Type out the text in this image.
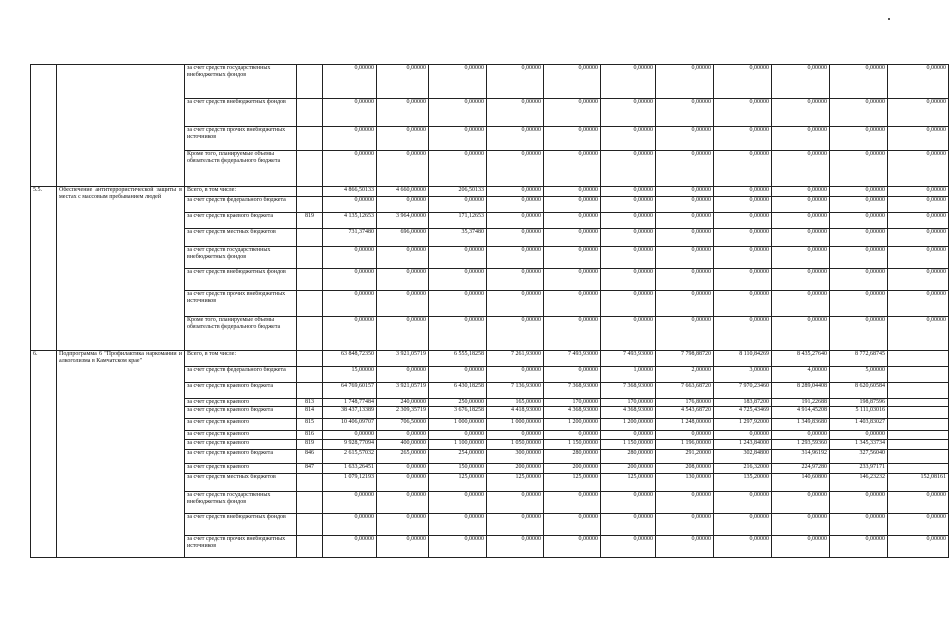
		за счет средств государственных внебюджетных фондов		0,00000	0,00000	0,00000	0,00000	0,00000	0,00000	0,00000	0,00000	0,00000	0,00000	0,00000
		за счет средств внебюджетных фондов		0,00000	0,00000	0,00000	0,00000	0,00000	0,00000	0,00000	0,00000	0,00000	0,00000	0,00000
		за счет средств прочих внебюджетных источников		0,00000	0,00000	0,00000	0,00000	0,00000	0,00000	0,00000	0,00000	0,00000	0,00000	0,00000
		Кроме того, планируемые объемы обязательств федерального бюджета		0,00000	0,00000	0,00000	0,00000	0,00000	0,00000	0,00000	0,00000	0,00000	0,00000	0,00000
5.5.	Обеспечение антитеррористической защиты в местах с массовым пребыванием людей	Всего, в том числе:		4 866,50133	4 660,00000	206,50133	0,00000	0,00000	0,00000	0,00000	0,00000	0,00000	0,00000	0,00000
		за счет средств федерального бюджета		0,00000	0,00000	0,00000	0,00000	0,00000	0,00000	0,00000	0,00000	0,00000	0,00000	0,00000
		за счет средств краевого бюджета	819	4 135,12653	3 964,00000	171,12653	0,00000	0,00000	0,00000	0,00000	0,00000	0,00000	0,00000	0,00000
		за счет средств местных бюджетов		731,37480	696,00000	35,37480	0,00000	0,00000	0,00000	0,00000	0,00000	0,00000	0,00000	0,00000
		за счет средств государственных внебюджетных фондов		0,00000	0,00000	0,00000	0,00000	0,00000	0,00000	0,00000	0,00000	0,00000	0,00000	0,00000
		за счет средств внебюджетных фондов		0,00000	0,00000	0,00000	0,00000	0,00000	0,00000	0,00000	0,00000	0,00000	0,00000	0,00000
		за счет средств прочих внебюджетных источников		0,00000	0,00000	0,00000	0,00000	0,00000	0,00000	0,00000	0,00000	0,00000	0,00000	0,00000
		Кроме того, планируемые объемы обязательств федерального бюджета		0,00000	0,00000	0,00000	0,00000	0,00000	0,00000	0,00000	0,00000	0,00000	0,00000	0,00000
6.	Подпрограмма 6 "Профилактика наркомании и алкоголизма в Камчатском крае"	Всего, в том числе:		63 848,72350	3 921,05719	6 555,18258	7 261,93000	7 493,93000	7 493,93000	7 798,88720	8 110,84269	8 435,27640	8 772,68745	
		за счет средств федерального бюджета		15,00000	0,00000	0,00000	0,00000	0,00000	1,00000	2,00000	3,00000	4,00000	5,00000	
		за счет средств краевого бюджета		64 769,60157	3 921,05719	6 430,18258	7 136,93000	7 368,93000	7 368,93000	7 663,68720	7 970,23460	8 289,04408	8 620,60584	
		за счет средств краевого	813	1 748,77484	240,00000	250,00000	165,00000	170,00000	170,00000	176,80000	183,87200	191,22688	198,87596	
		за счет средств краевого бюджета	814	38 437,13389	2 309,35719	3 676,18258	4 418,93000	4 368,93000	4 368,93000	4 543,68720	4 725,43469	4 914,45208	5 111,03016	
		за счет средств краевого	815	10 406,09707	706,50000	1 000,00000	1 000,00000	1 200,00000	1 200,00000	1 248,00000	1 297,92000	1 349,83680	1 403,83027	
		за счет средств краевого	816	0,00000	0,00000	0,00000	0,00000	0,00000	0,00000	0,00000	0,00000	0,00000	0,00000	
		за счет средств краевого	819	9 928,77094	400,00000	1 100,00000	1 050,00000	1 150,00000	1 150,00000	1 196,00000	1 243,84000	1 293,59360	1 345,33734	
		за счет средств краевого бюджета	846	2 615,57032	265,00000	254,00000	300,00000	280,00000	280,00000	291,20000	302,84800	314,96192	327,56040	
		за счет средств краевого	847	1 633,26451	0,00000	150,00000	200,00000	200,00000	200,00000	208,00000	216,32000	224,97280	233,97171	
		за счет средств местных бюджетов		1 079,12193	0,00000	125,00000	125,00000	125,00000	125,00000	130,00000	135,20000	140,60800	146,23232	152,08161
		за счет средств государственных внебюджетных фондов		0,00000	0,00000	0,00000	0,00000	0,00000	0,00000	0,00000	0,00000	0,00000	0,00000	0,00000
		за счет средств внебюджетных фондов		0,00000	0,00000	0,00000	0,00000	0,00000	0,00000	0,00000	0,00000	0,00000	0,00000	0,00000
		за счет средств прочих внебюджетных источников		0,00000	0,00000	0,00000	0,00000	0,00000	0,00000	0,00000	0,00000	0,00000	0,00000	0,00000
